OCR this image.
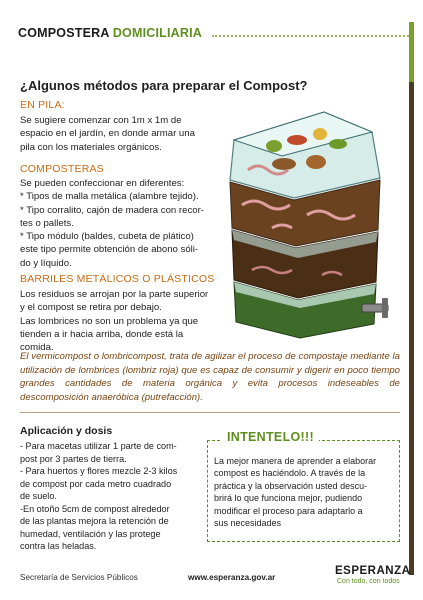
COMPOSTERA DOMICILIARIA
¿Algunos métodos para preparar el Compost?
EN PILA:
Se sugiere comenzar con 1m x 1m de
espacio en el jardín, en donde armar una
pila con los materiales orgánicos.
COMPOSTERAS
Se pueden confeccionar en diferentes:
* Tipos de malla metálica (alambre tejido).
* Tipo corralito, cajón de madera con recor-
tes o pallets.
* Tipo módulo (baldes, cubeta de plático)
este tipo permite obtención de abono sóli-
do y líquido.
BARRILES METÁLICOS O PLÁSTICOS
Los residuos se arrojan por la parte superior
y el compost se retira por debajo.
Las lombrices no son un problema ya que
tienden a ir hacia arriba, donde está la
comida.
El vermicompost o lombricompost, trata de agilizar el proceso de compostaje mediante la utilización de lombrices (lombriz roja) que es capaz de consumir y digerir en poco tiempo grandes cantidades de materia orgánica y evita procesos indeseables de descomposición anaeróbica (putrefacción).
Aplicación y dosis
- Para macetas utilizar 1 parte de com-
post por 3 partes de tierra.
- Para huertos y flores mezcle 2-3 kilos
de compost por cada metro cuadrado
de suelo.
-En otoño 5cm de compost alrededor
de las plantas mejora la retención de
humedad, ventilación y las protege
contra las heladas.
INTENTELO!!!
La mejor manera de aprender a elaborar
compost es haciéndolo. A través de la
práctica y la observación usted descu-
brirá lo que funciona mejor, pudiendo
modificar el proceso para adaptarlo a
sus necesidades
Secretaría de Servicios Públicos	www.esperanza.gov.ar
ESPERANZA
Con todo, con todos
